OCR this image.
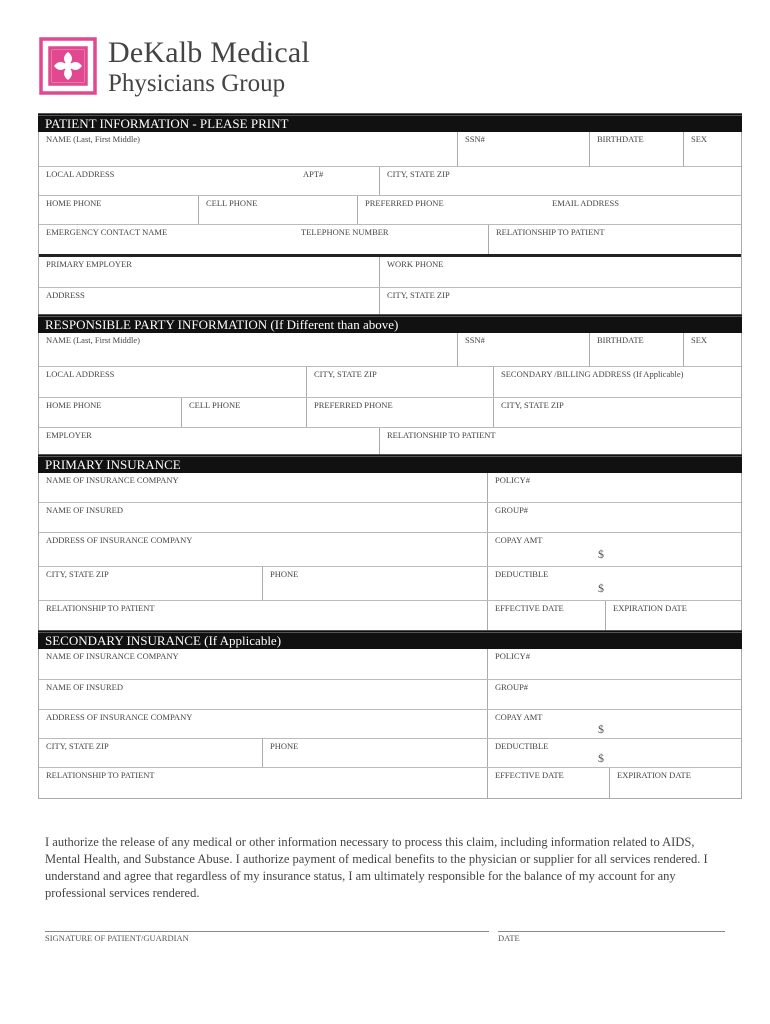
DeKalb Medical
Physicians Group
PATIENT INFORMATION - PLEASE PRINT
NAME (Last, First Middle)	SSN#	BIRTHDATE	SEX
LOCAL ADDRESS	APT#	CITY, STATE ZIP
HOME PHONE	CELL PHONE	PREFERRED PHONE	EMAIL ADDRESS
EMERGENCY CONTACT NAME	TELEPHONE NUMBER	RELATIONSHIP TO PATIENT
PRIMARY EMPLOYER	WORK PHONE
ADDRESS	CITY, STATE ZIP
RESPONSIBLE PARTY INFORMATION (If Different than above)
NAME (Last, First Middle)	SSN#	BIRTHDATE	SEX
LOCAL ADDRESS	CITY, STATE ZIP	SECONDARY /BILLING ADDRESS (If Applicable)
HOME PHONE	CELL PHONE	PREFERRED PHONE	CITY, STATE ZIP
EMPLOYER	RELATIONSHIP TO PATIENT
PRIMARY INSURANCE
NAME OF INSURANCE COMPANY	POLICY#
NAME OF INSURED	GROUP#
ADDRESS OF INSURANCE COMPANY	COPAY AMT
$
CITY, STATE ZIP	PHONE	DEDUCTIBLE
$
RELATIONSHIP TO PATIENT	EFFECTIVE DATE	EXPIRATION DATE
SECONDARY INSURANCE (If Applicable)
NAME OF INSURANCE COMPANY	POLICY#
NAME OF INSURED	GROUP#
ADDRESS OF INSURANCE COMPANY	COPAY AMT
$
CITY, STATE ZIP	PHONE	DEDUCTIBLE
$
RELATIONSHIP TO PATIENT	EFFECTIVE DATE	EXPIRATION DATE
I authorize the release of any medical or other information necessary to process this claim, including information related to AIDS, Mental Health, and Substance Abuse. I authorize payment of medical benefits to the physician or supplier for all services rendered. I understand and agree that regardless of my insurance status, I am ultimately responsible for the balance of my account for any professional services rendered.
SIGNATURE OF PATIENT/GUARDIAN	DATE
